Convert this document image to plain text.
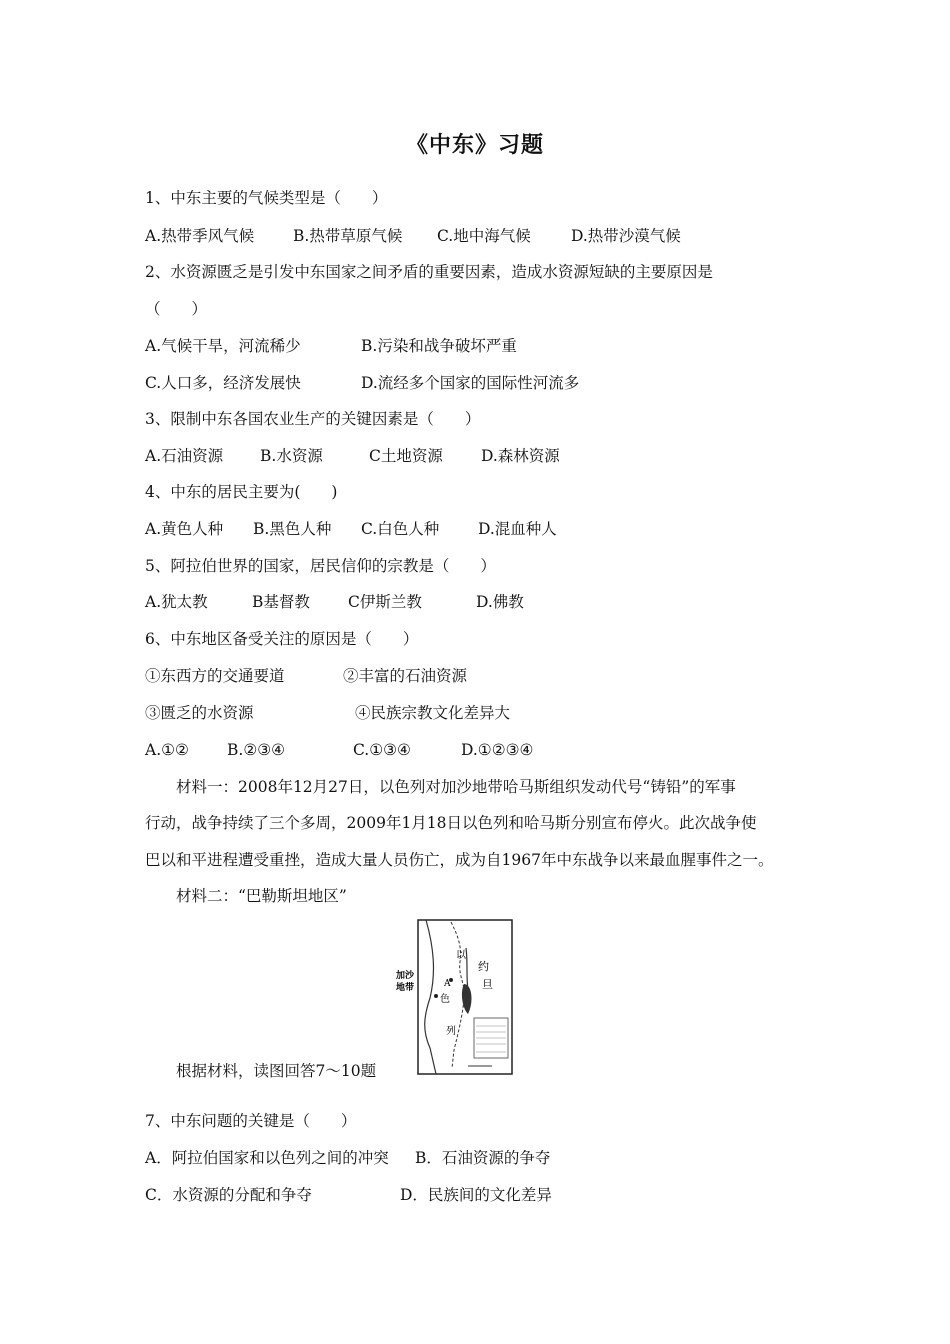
《中东》习题
1、中东主要的气候类型是（　　）
A.热带季风气候	B.热带草原气候 C.地中海气候	D.热带沙漠气候
2、水资源匮乏是引发中东国家之间矛盾的重要因素，造成水资源短缺的主要原因是
（　　）
A.气候干旱，河流稀少	B.污染和战争破坏严重
C.人口多，经济发展快	D.流经多个国家的国际性河流多
3、限制中东各国农业生产的关键因素是（　　）
A.石油资源 B.水资源	C土地资源 D.森林资源
4、中东的居民主要为(　　)
A.黄色人种 B.黑色人种 C.白色人种	D.混血种人
5、阿拉伯世界的国家，居民信仰的宗教是（　　）
A.犹太教	B基督教 C伊斯兰教	D.佛教
6、中东地区备受关注的原因是（　　）
①东西方的交通要道	②丰富的石油资源
③匮乏的水资源	④民族宗教文化差异大
A.①② B.②③④	C.①③④	D.①②③④
材料一：2008年12月27日，以色列对加沙地带哈马斯组织发动代号“铸铅”的军事
行动，战争持续了三个多周，2009年1月18日以色列和哈马斯分别宣布停火。此次战争使
巴以和平进程遭受重挫，造成大量人员伤亡，成为自1967年中东战争以来最血腥事件之一。
材料二：“巴勒斯坦地区”
加沙
地带
约
旦
以
色
列
A
根据材料，读图回答7～10题
7、中东问题的关键是（　　）
A．阿拉伯国家和以色列之间的冲突 B．石油资源的争夺
C．水资源的分配和争夺	D．民族间的文化差异
